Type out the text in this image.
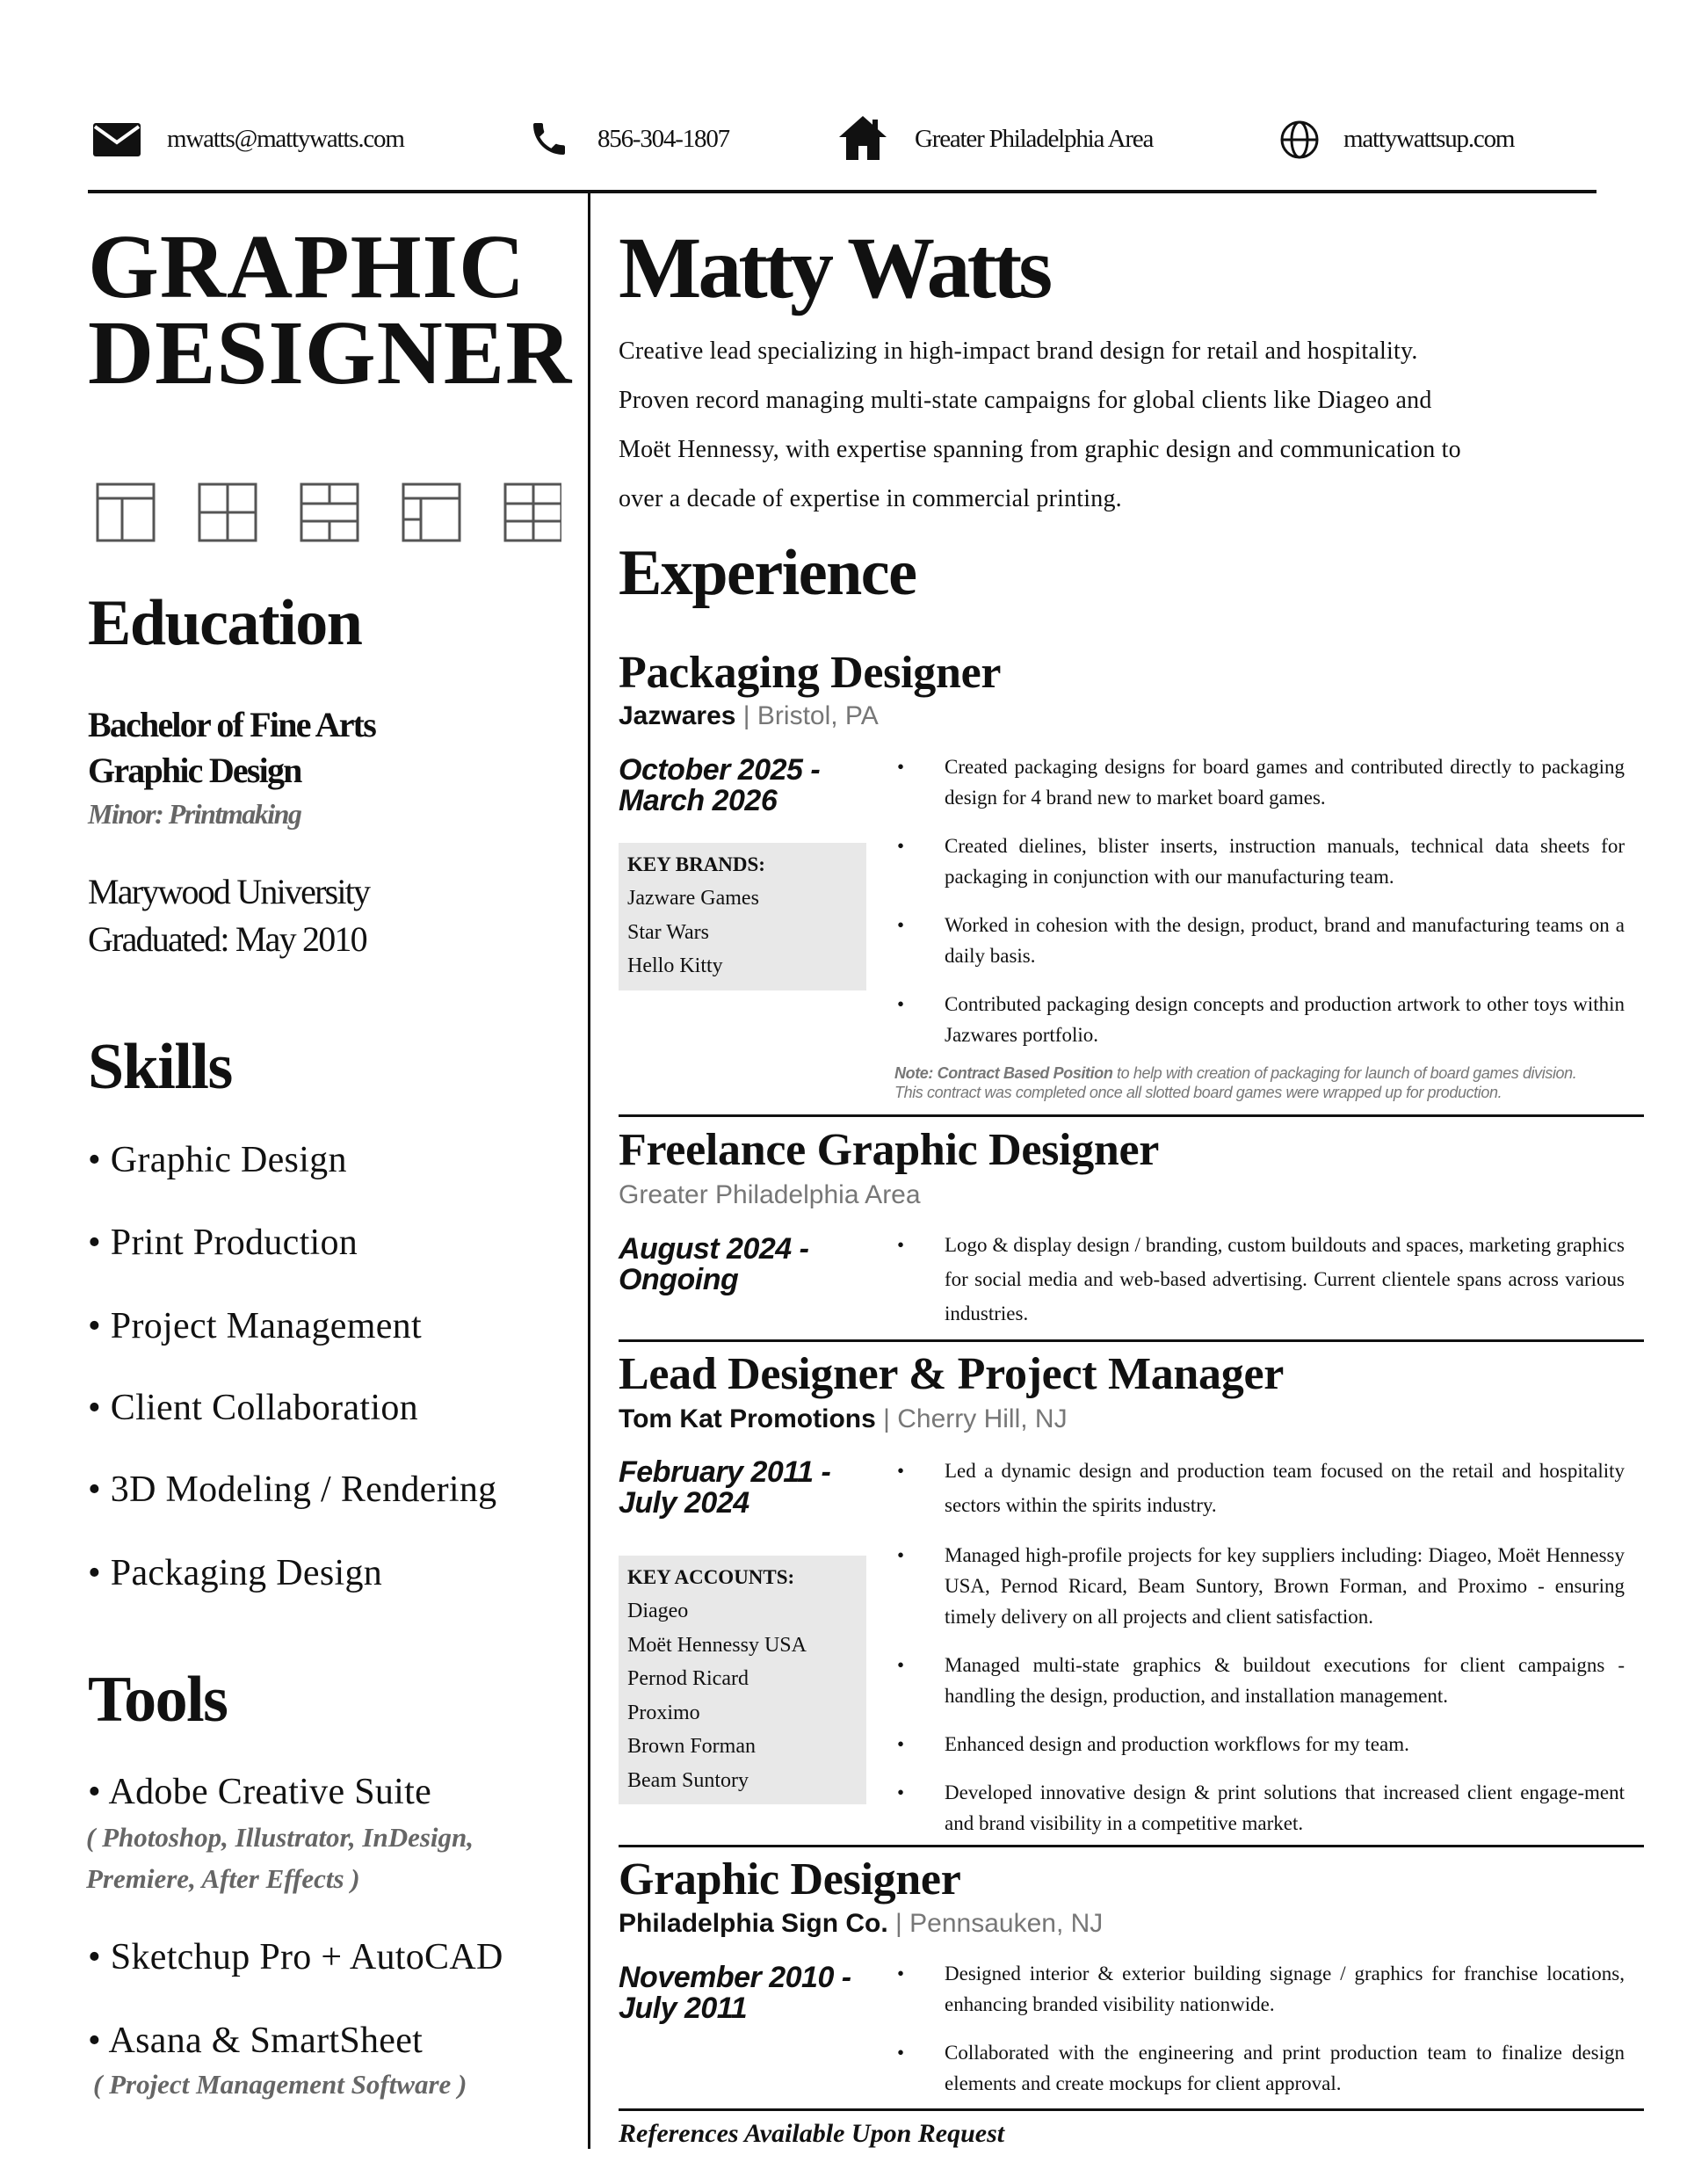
mwatts@mattywatts.com	856-304-1807	Greater Philadelphia Area	mattywattsup.com
GRAPHIC
DESIGNER
Education
Bachelor of Fine Arts
Graphic Design
Minor: Printmaking
Marywood University
Graduated: May 2010
Skills
• Graphic Design
• Print Production
• Project Management
• Client Collaboration
• 3D Modeling / Rendering
• Packaging Design
Tools
• Adobe Creative Suite
( Photoshop, Illustrator, InDesign,
Premiere, After Effects )
• Sketchup Pro + AutoCAD
• Asana & SmartSheet
( Project Management Software )
Matty Watts
Creative lead specializing in high-impact brand design for retail and hospitality.
Proven record managing multi-state campaigns for global clients like Diageo and
Moët Hennessy, with expertise spanning from graphic design and communication to
over a decade of expertise in commercial printing.
Experience
Packaging Designer
Jazwares | Bristol, PA
October 2025 -
March 2026
KEY BRANDS:
Jazware Games
Star Wars
Hello Kitty
• Created packaging designs for board games and contributed directly to packaging design for 4 brand new to market board games.
• Created dielines, blister inserts, instruction manuals, technical data sheets for packaging in conjunction with our manufacturing team.
• Worked in cohesion with the design, product, brand and manufacturing teams on a daily basis.
• Contributed packaging design concepts and production artwork to other toys within Jazwares portfolio.
Note: Contract Based Position to help with creation of packaging for launch of board games division.
This contract was completed once all slotted board games were wrapped up for production.
Freelance Graphic Designer
Greater Philadelphia Area
August 2024 -
Ongoing
• Logo & display design / branding, custom buildouts and spaces, marketing graphics for social media and web-based advertising. Current clientele spans across various industries.
Lead Designer & Project Manager
Tom Kat Promotions | Cherry Hill, NJ
February 2011 -
July 2024
KEY ACCOUNTS:
Diageo
Moët Hennessy USA
Pernod Ricard
Proximo
Brown Forman
Beam Suntory
• Led a dynamic design and production team focused on the retail and hospitality sectors within the spirits industry.
• Managed high-profile projects for key suppliers including: Diageo, Moët Hennessy USA, Pernod Ricard, Beam Suntory, Brown Forman, and Proximo - ensuring timely delivery on all projects and client satisfaction.
• Managed multi-state graphics & buildout executions for client campaigns - handling the design, production, and installation management.
• Enhanced design and production workflows for my team.
• Developed innovative design & print solutions that increased client engage-ment and brand visibility in a competitive market.
Graphic Designer
Philadelphia Sign Co. | Pennsauken, NJ
November 2010 -
July 2011
• Designed interior & exterior building signage / graphics for franchise locations, enhancing branded visibility nationwide.
• Collaborated with the engineering and print production team to finalize design elements and create mockups for client approval.
References Available Upon Request
